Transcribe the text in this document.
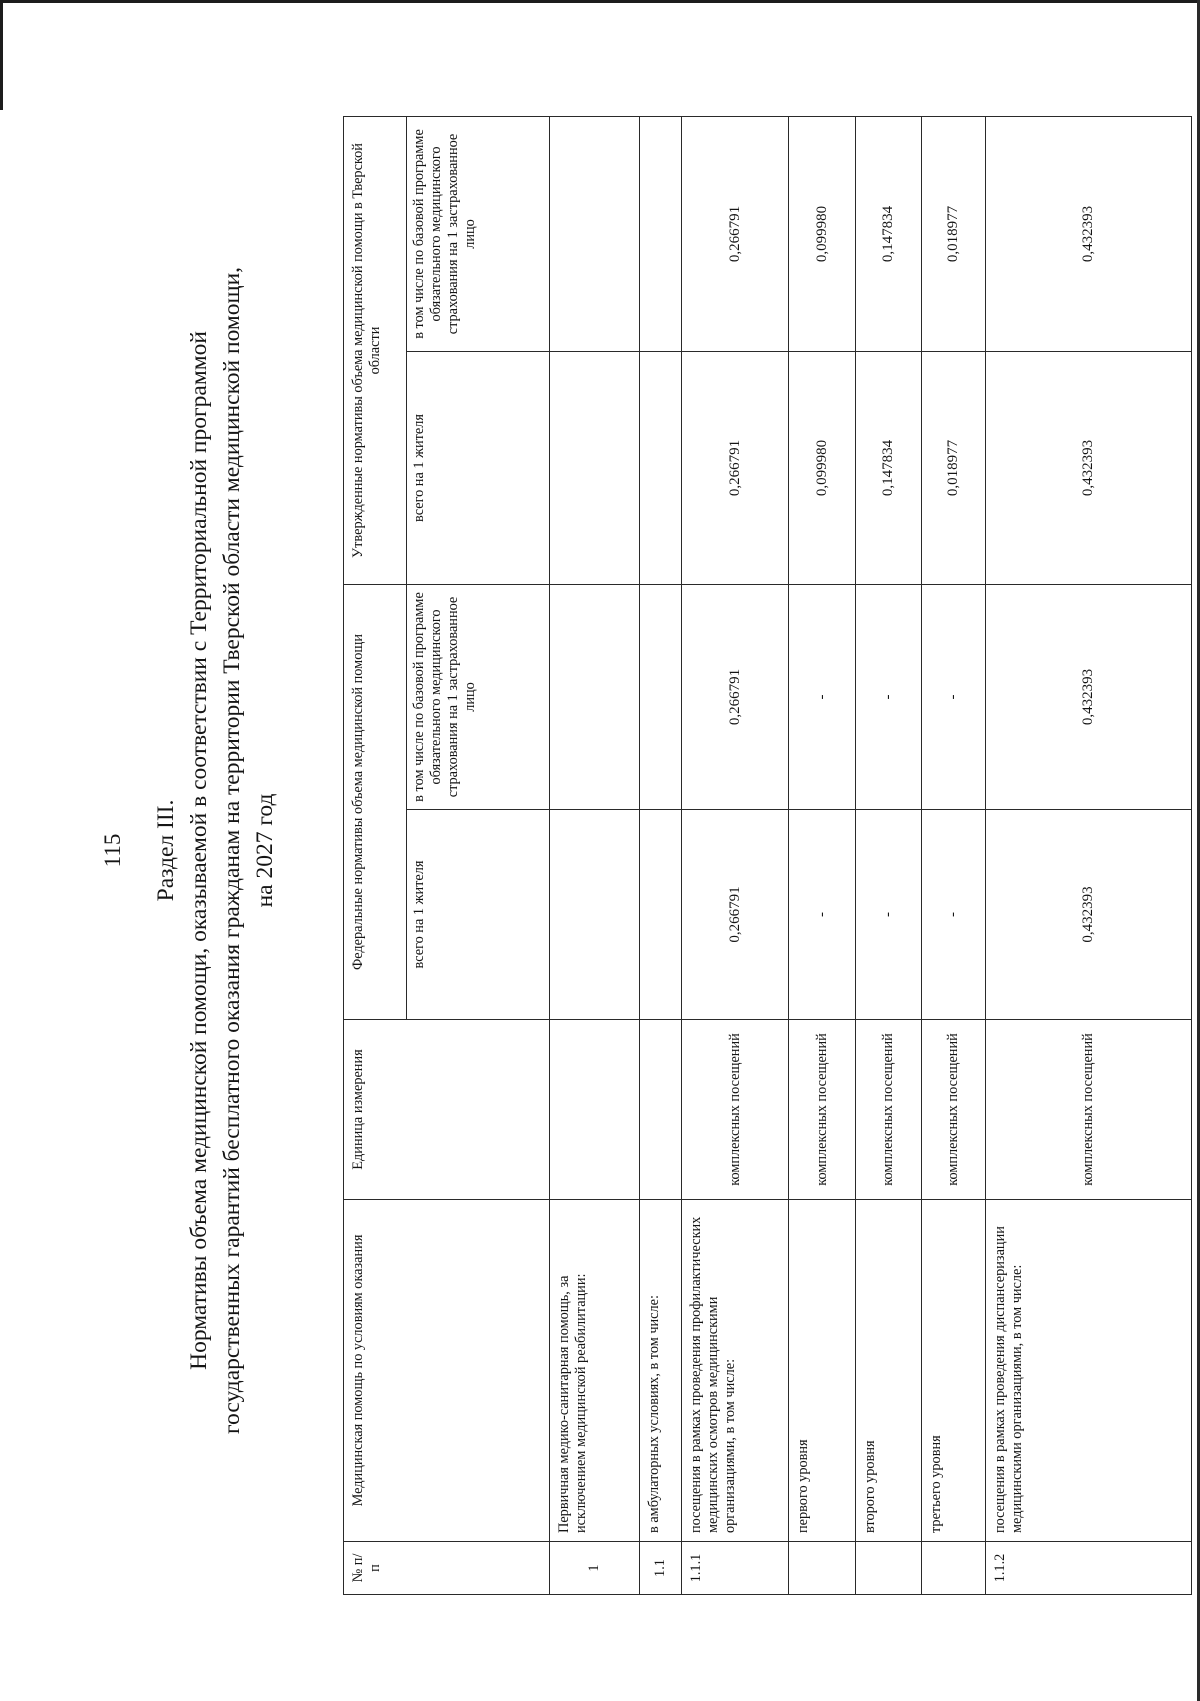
115 Раздел III. Нормативы объема медицинской помощи, оказываемой в соответствии с Территориальной программой государственных гарантий бесплатного оказания гражданам на территории Тверской области медицинской помощи, на 2027 год
№ п/п	Медицинская помощь по условиям оказания	Единица измерения	Федеральные нормативы объема медицинской помощи		Утвержденные нормативы объема медицинской помощи в Тверской области	
			всего на 1 жителя	в том числе по базовой программе обязательного медицинского страхования на 1 застрахованное лицо	всего на 1 жителя	в том числе по базовой программе обязательного медицинского страхования на 1 застрахованное лицо
1	Первичная медико-санитарная помощь, за исключением медицинской реабилитации:					
1.1	в амбулаторных условиях, в том числе:					
1.1.1	посещения в рамках проведения профилактических медицинских осмотров медицинскими организациями, в том числе:	комплексных посещений	0,266791	0,266791	0,266791	0,266791
	первого уровня	комплексных посещений	-	-	0,099980	0,099980
	второго уровня	комплексных посещений	-	-	0,147834	0,147834
	третьего уровня	комплексных посещений	-	-	0,018977	0,018977
1.1.2	посещения в рамках проведения диспансеризации медицинскими организациями, в том числе:	комплексных посещений	0,432393	0,432393	0,432393	0,432393
